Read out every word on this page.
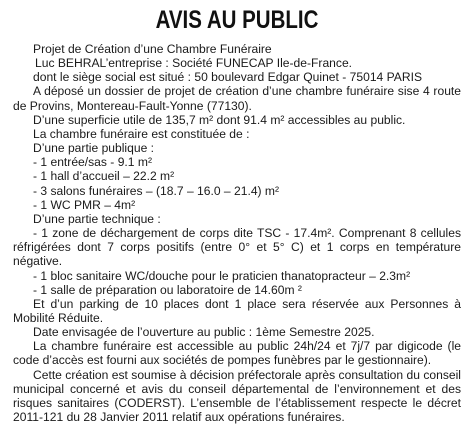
AVIS AU PUBLIC

Projet de Création d’une Chambre Funéraire

Luc BEHRAL’entreprise : Société FUNECAP Ile-de-France.

dont le siège social est situé : 50 boulevard Edgar Quinet - 75014 PARIS

A déposé un dossier de projet de création d’une chambre funéraire sise 4 route de Provins, Montereau-Fault-Yonne (77130).

D’une superficie utile de 135,7 m² dont 91.4 m² accessibles au public.

La chambre funéraire est constituée de :

D’une partie publique :

- 1 entrée/sas - 9.1 m²

- 1 hall d’accueil – 22.2 m²

- 3 salons funéraires – (18.7 – 16.0 – 21.4) m²

- 1 WC PMR – 4m²

D’une partie technique :

- 1 zone de déchargement de corps dite TSC - 17.4m². Comprenant 8 cellules réfrigérées dont 7 corps positifs (entre 0° et 5° C) et 1 corps en température négative.

- 1 bloc sanitaire WC/douche pour le praticien thanatopracteur – 2.3m²

- 1 salle de préparation ou laboratoire de 14.60m ²

Et d’un parking de 10 places dont 1 place sera réservée aux Personnes à Mobilité Réduite.

Date envisagée de l’ouverture au public : 1ème Semestre 2025.

La chambre funéraire est accessible au public 24h/24 et 7j/7 par digicode (le code d’accès est fourni aux sociétés de pompes funèbres par le gestionnaire).

Cette création est soumise à décision préfectorale après consultation du conseil municipal concerné et avis du conseil départemental de l’environnement et des risques sanitaires (CODERST). L’ensemble de l’établissement respecte le décret 2011-121 du 28 Janvier 2011 relatif aux opérations funéraires.
